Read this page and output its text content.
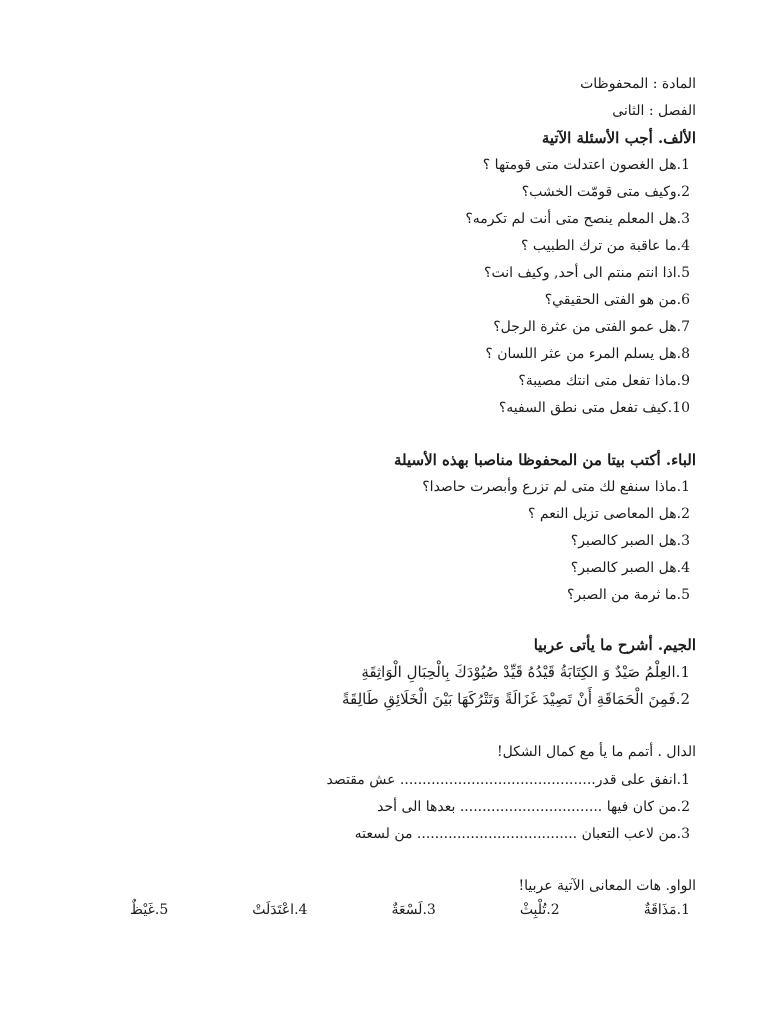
المادة : المحفوظات
الفصل : الثانى
الألف. أجب الأسئلة الآتية
1.هل الغصون اعتدلت متى قومتها ؟
2.وكيف متى قومّت الخشب؟
3.هل المعلم ينصح متى أنت لم تكرمه؟
4.ما عاقبة من ترك الطبيب ؟
5.اذا انتم منتم الى أحد, وكيف انت؟
6.من هو الفتى الحقيقي؟
7.هل عمو الفتى من عثرة الرجل؟
8.هل يسلم المرء من عثر اللسان ؟
9.ماذا تفعل متى انتك مصيبة؟
10.كيف تفعل متى نطق السفيه؟
الباء. أكتب بيتا من المحفوظا مناصبا بهذه الأسيلة
1.ماذا سنفع لك متى لم تزرع وأبصرت حاصدا؟
2.هل المعاصى تزيل النعم ؟
3.هل الصبر كالصبر؟
4.هل الصبر كالصبر؟
5.ما ثرمة من الصبر؟
الجيم. أشرح ما يأتى عربيا
1.العِلْمُ صَيْدٌ وَ الكِتَابَةُ قَيْدُهُ قَيِّدْ صُيُوْدَكَ بِالْحِبَالِ الْوَاثِقَةِ
2.فَمِنَ الْحَمَاقَةِ أَنْ تَصِيْدَ غَزَالَةً وَتَتْرُكَهَا بَيْنَ الْخَلَائِقِ طَالِقَةً
الدال . أتمم ما يأ مع كمال الشكل!
1.انفق على قدر............................................ عش مقتصد
2.من كان فيها ................................ بعدها الى أحد
3.من لاعب التعبان .................................... من لسعته
الواو. هات المعانى الآتية عربيا!
1.مَذَاقَةٌ
2.تُلْبِثْ
3.لَسْعَةٌ
4.اعْتَدَلَتْ
5.غَيْظٌ
